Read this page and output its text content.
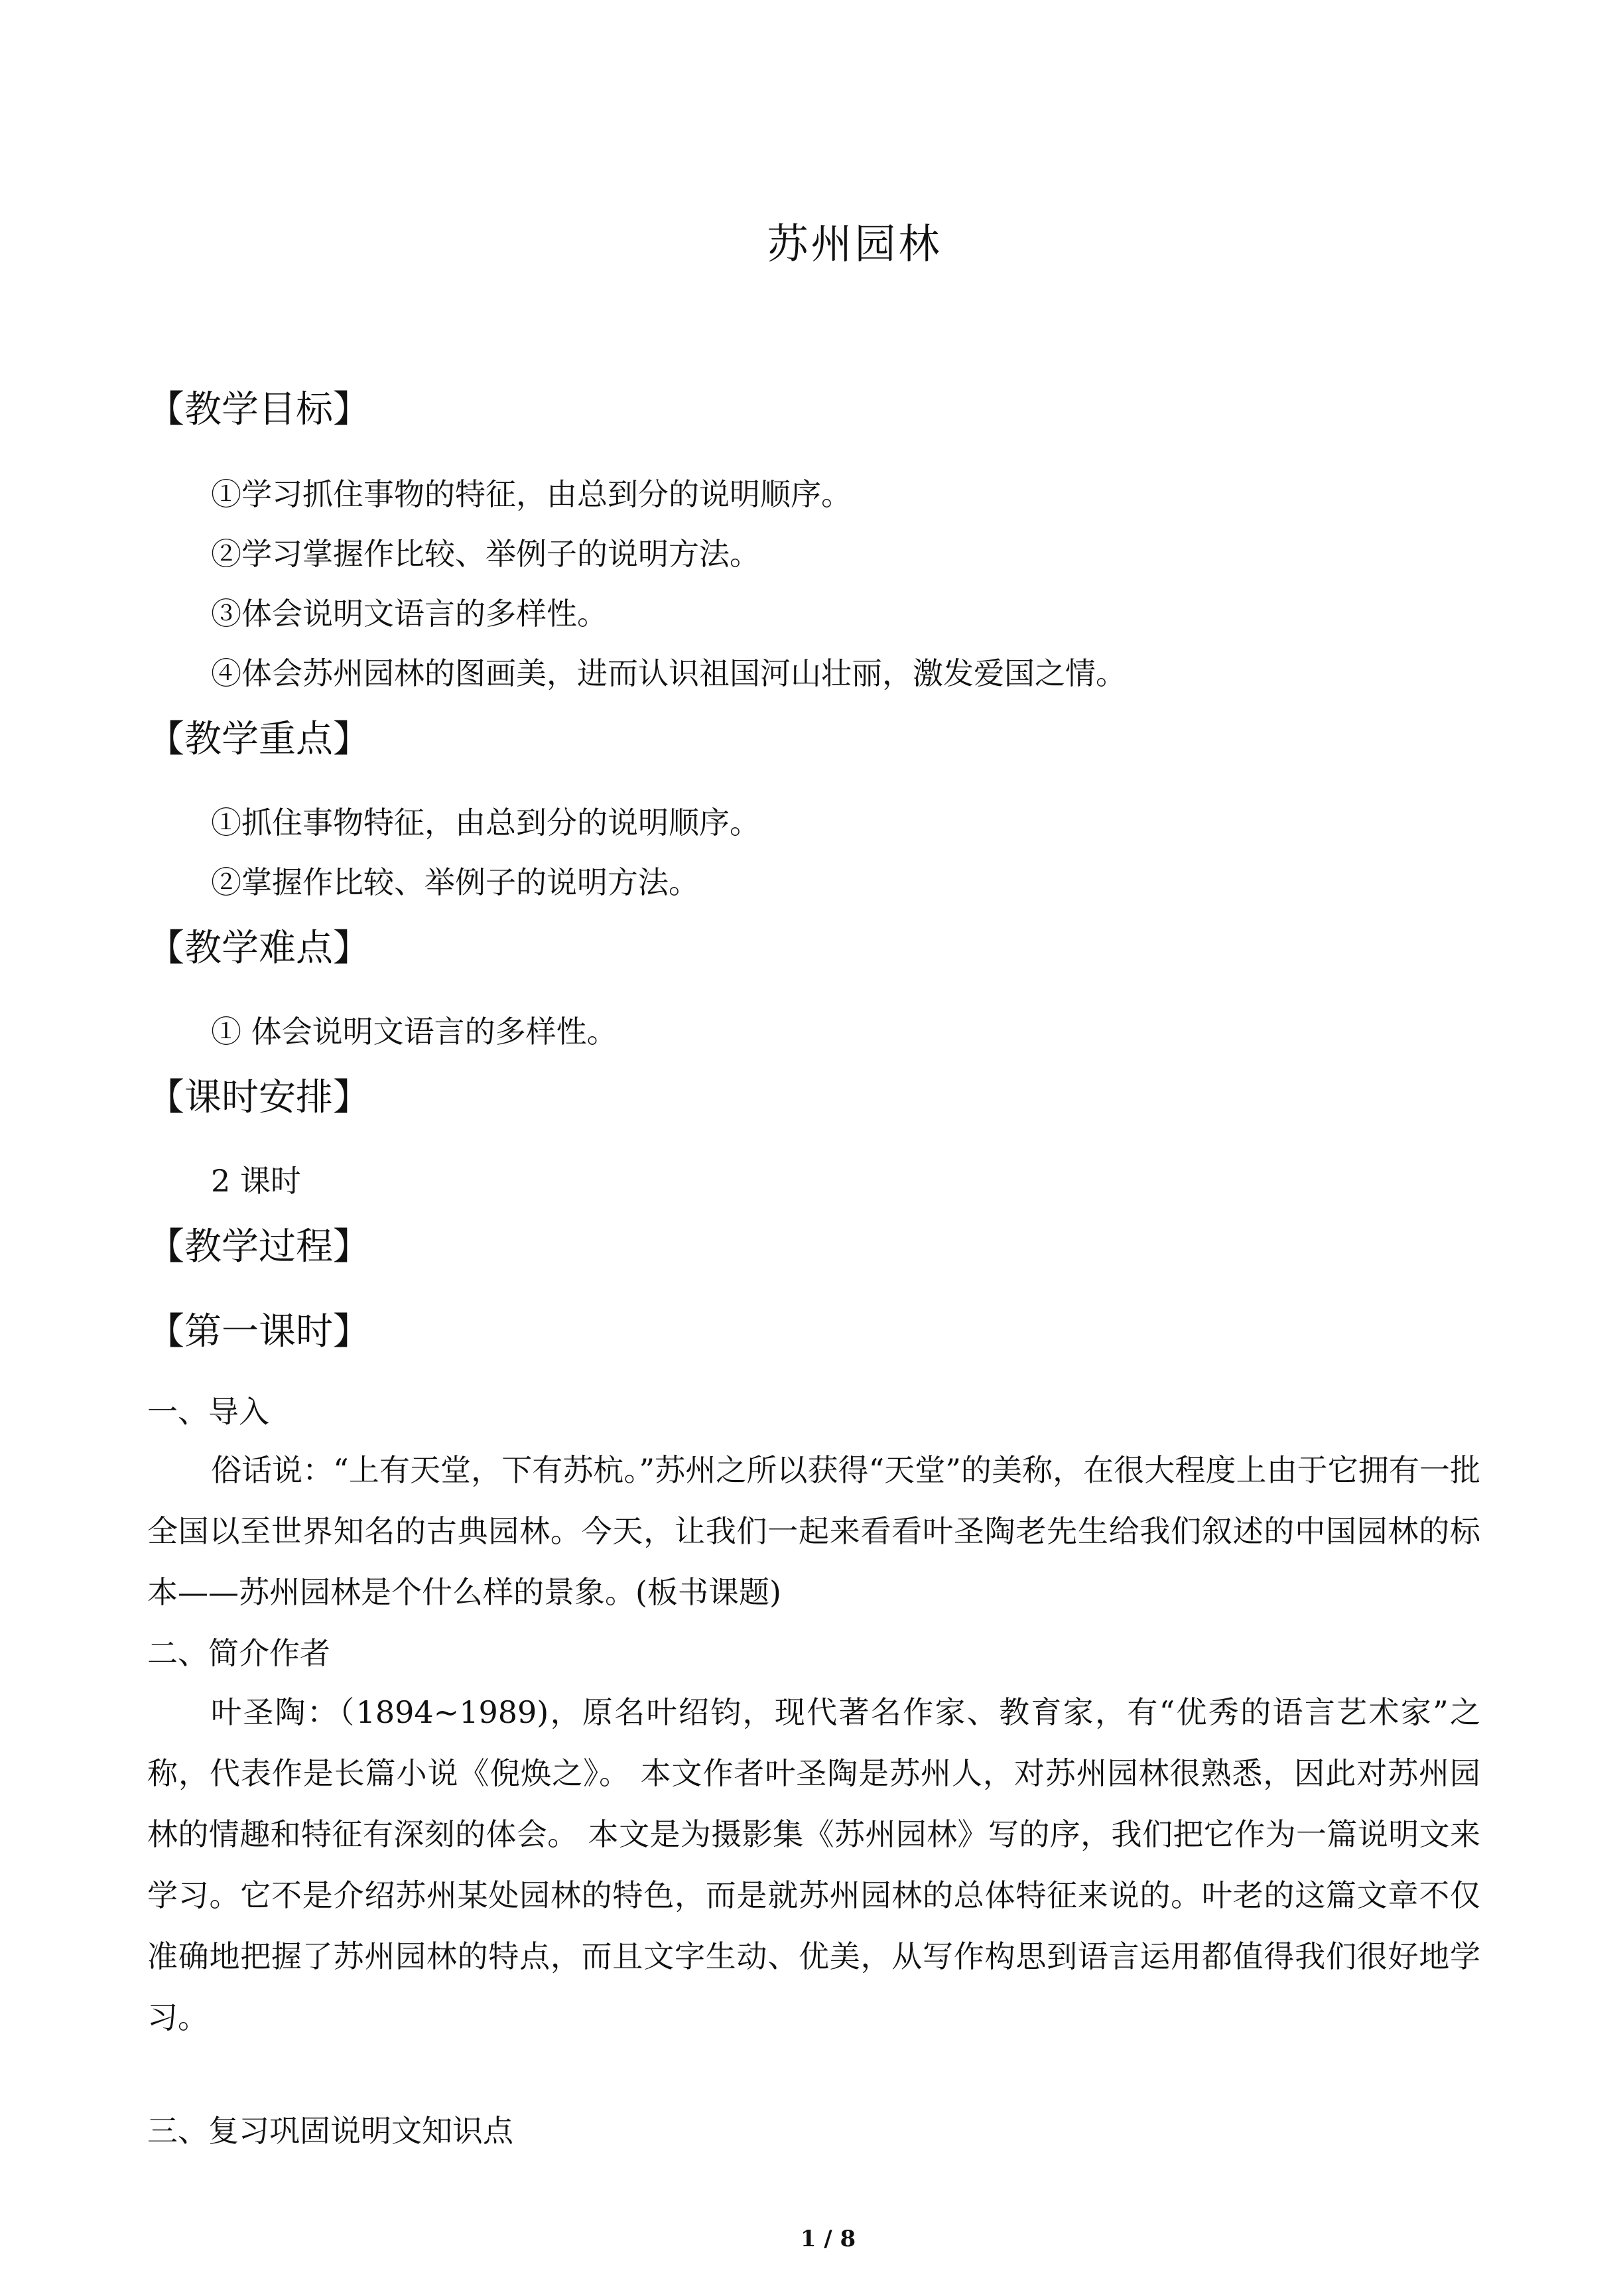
苏州园林
【教学目标】
①学习抓住事物的特征，由总到分的说明顺序。
②学习掌握作比较、举例子的说明方法。
③体会说明文语言的多样性。
④体会苏州园林的图画美，进而认识祖国河山壮丽，激发爱国之情。
【教学重点】
①抓住事物特征，由总到分的说明顺序。
②掌握作比较、举例子的说明方法。
【教学难点】
① 体会说明文语言的多样性。
【课时安排】
2 课时
【教学过程】
【第一课时】
一、导入
俗话说：“上有天堂，下有苏杭。”苏州之所以获得“天堂”的美称，在很大程度上由于它拥有一批全国以至世界知名的古典园林。今天，让我们一起来看看叶圣陶老先生给我们叙述的中国园林的标本——苏州园林是个什么样的景象。(板书课题)
二、简介作者
叶圣陶：（1894~1989)，原名叶绍钧，现代著名作家、教育家，有“优秀的语言艺术家”之称，代表作是长篇小说《倪焕之》。 本文作者叶圣陶是苏州人，对苏州园林很熟悉，因此对苏州园林的情趣和特征有深刻的体会。 本文是为摄影集《苏州园林》写的序，我们把它作为一篇说明文来学习。它不是介绍苏州某处园林的特色，而是就苏州园林的总体特征来说的。叶老的这篇文章不仅准确地把握了苏州园林的特点，而且文字生动、优美，从写作构思到语言运用都值得我们很好地学习。
三、复习巩固说明文知识点
1 / 8
